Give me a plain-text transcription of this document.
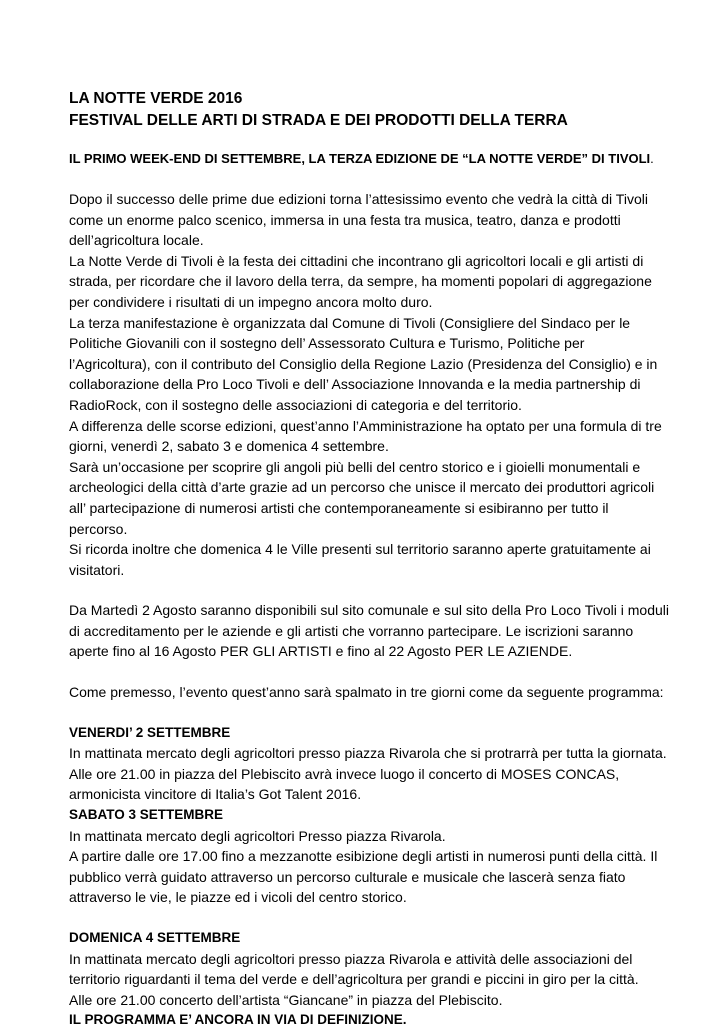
LA NOTTE VERDE 2016
FESTIVAL DELLE ARTI DI STRADA E DEI PRODOTTI DELLA TERRA

IL PRIMO WEEK-END DI SETTEMBRE, LA TERZA EDIZIONE DE “LA NOTTE VERDE” DI TIVOLI.

Dopo il successo delle prime due edizioni torna l’attesissimo evento che vedrà la città di Tivoli come un enorme palco scenico, immersa in una festa tra musica, teatro, danza e prodotti dell’agricoltura locale.

La Notte Verde di Tivoli è la festa dei cittadini che incontrano gli agricoltori locali e gli artisti di strada, per ricordare che il lavoro della terra, da sempre, ha momenti popolari di aggregazione per condividere i risultati di un impegno ancora molto duro.

La terza manifestazione è organizzata dal Comune di Tivoli (Consigliere del Sindaco per le Politiche Giovanili con il sostegno dell’ Assessorato Cultura e Turismo, Politiche per l’Agricoltura), con il contributo del Consiglio della Regione Lazio (Presidenza del Consiglio) e in collaborazione della Pro Loco Tivoli e dell’ Associazione Innovanda e la media partnership di RadioRock, con il sostegno delle associazioni di categoria e del territorio.

A differenza delle scorse edizioni, quest’anno l’Amministrazione ha optato per una formula di tre giorni, venerdì 2, sabato 3 e domenica 4 settembre.

Sarà un’occasione per scoprire gli angoli più belli del centro storico e i gioielli monumentali e archeologici della città d’arte grazie ad un percorso che unisce il mercato dei produttori agricoli all’ partecipazione di numerosi artisti che contemporaneamente si esibiranno per tutto il percorso.

Si ricorda inoltre che domenica 4 le Ville presenti sul territorio saranno aperte gratuitamente ai visitatori.

Da Martedì 2 Agosto saranno disponibili sul sito comunale e sul sito della Pro Loco Tivoli i moduli di accreditamento per le aziende e gli artisti che vorranno partecipare. Le iscrizioni saranno aperte fino al 16 Agosto PER GLI ARTISTI e fino al 22 Agosto PER LE AZIENDE.

Come premesso, l’evento quest’anno sarà spalmato in tre giorni come da seguente programma:

VENERDI’ 2 SETTEMBRE

In mattinata mercato degli agricoltori presso piazza Rivarola che si protrarrà per tutta la giornata.

Alle ore 21.00 in piazza del Plebiscito avrà invece luogo il concerto di MOSES CONCAS, armonicista vincitore di Italia’s Got Talent 2016.

SABATO 3 SETTEMBRE

In mattinata mercato degli agricoltori Presso piazza Rivarola.

A partire dalle ore 17.00 fino a mezzanotte esibizione degli artisti in numerosi punti della città. Il pubblico verrà guidato attraverso un percorso culturale e musicale che lascerà senza fiato attraverso le vie, le piazze ed i vicoli del centro storico.

DOMENICA 4 SETTEMBRE

In mattinata mercato degli agricoltori presso piazza Rivarola e attività delle associazioni del territorio riguardanti il tema del verde e dell’agricoltura per grandi e piccini in giro per la città.

Alle ore 21.00 concerto dell’artista “Giancane” in piazza del Plebiscito.

IL PROGRAMMA E’ ANCORA IN VIA DI DEFINIZIONE.
